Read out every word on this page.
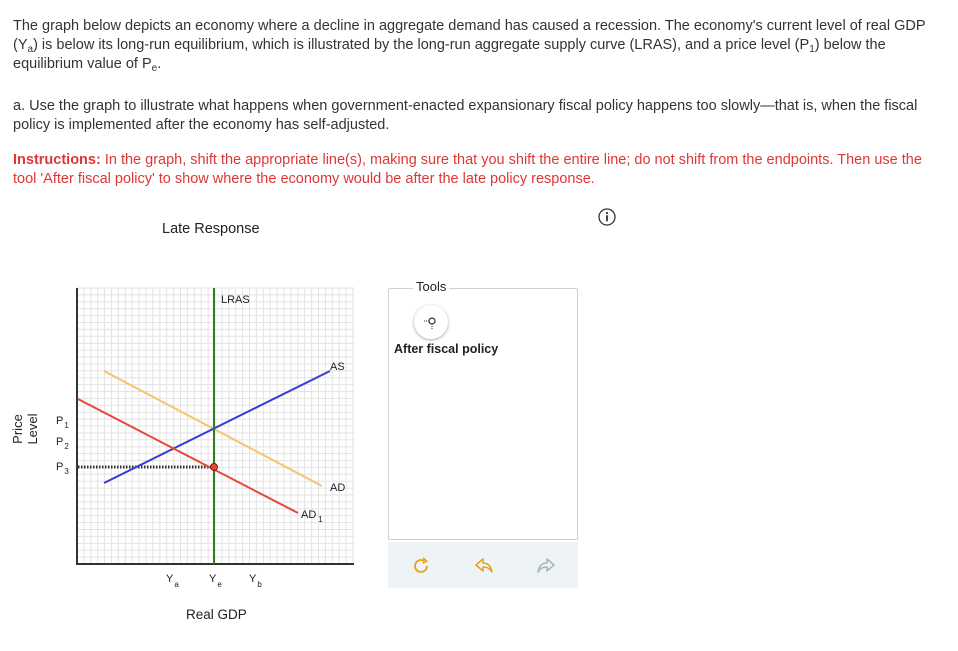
The graph below depicts an economy where a decline in aggregate demand has caused a recession. The economy's current level of real GDP $(Y_a)$ is below its long-run equilibrium, which is illustrated by the long-run aggregate supply curve (LRAS), and a price level $(P_1)$ below the equilibrium value of $P_e$.
a. Use the graph to illustrate what happens when government-enacted expansionary fiscal policy happens too slowly—that is, when the fiscal policy is implemented after the economy has self-adjusted.
Instructions: In the graph, shift the appropriate line(s), making sure that you shift the entire line; do not shift from the endpoints. Then use the tool 'After fiscal policy' to show where the economy would be after the late policy response.
Late Response
Price Level
Real GDP
LRAS
AS
AD
AD $_1$
$P_1$
$P_2$
$P_3$
$Y_a$	$Y_e$ $Y_b$
Tools
After fiscal policy
